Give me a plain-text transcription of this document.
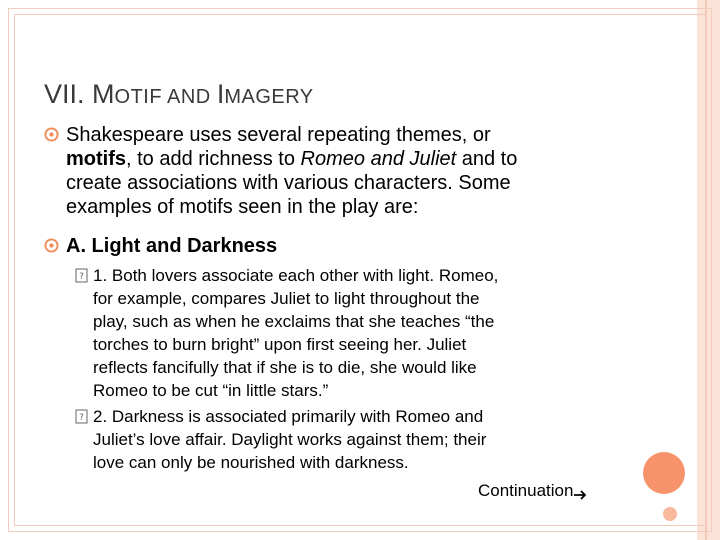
VII. MOTIF AND IMAGERY
Shakespeare uses several repeating themes, or
motifs, to add richness to Romeo and Juliet and to
create associations with various characters. Some
examples of motifs seen in the play are:
A. Light and Darkness
? 1. Both lovers associate each other with light. Romeo,
for example, compares Juliet to light throughout the
play, such as when he exclaims that she teaches “the
torches to burn bright” upon first seeing her. Juliet
reflects fancifully that if she is to die, she would like
Romeo to be cut “in little stars.”
? 2. Darkness is associated primarily with Romeo and
Juliet’s love affair. Daylight works against them; their
love can only be nourished with darkness.
Continuation
